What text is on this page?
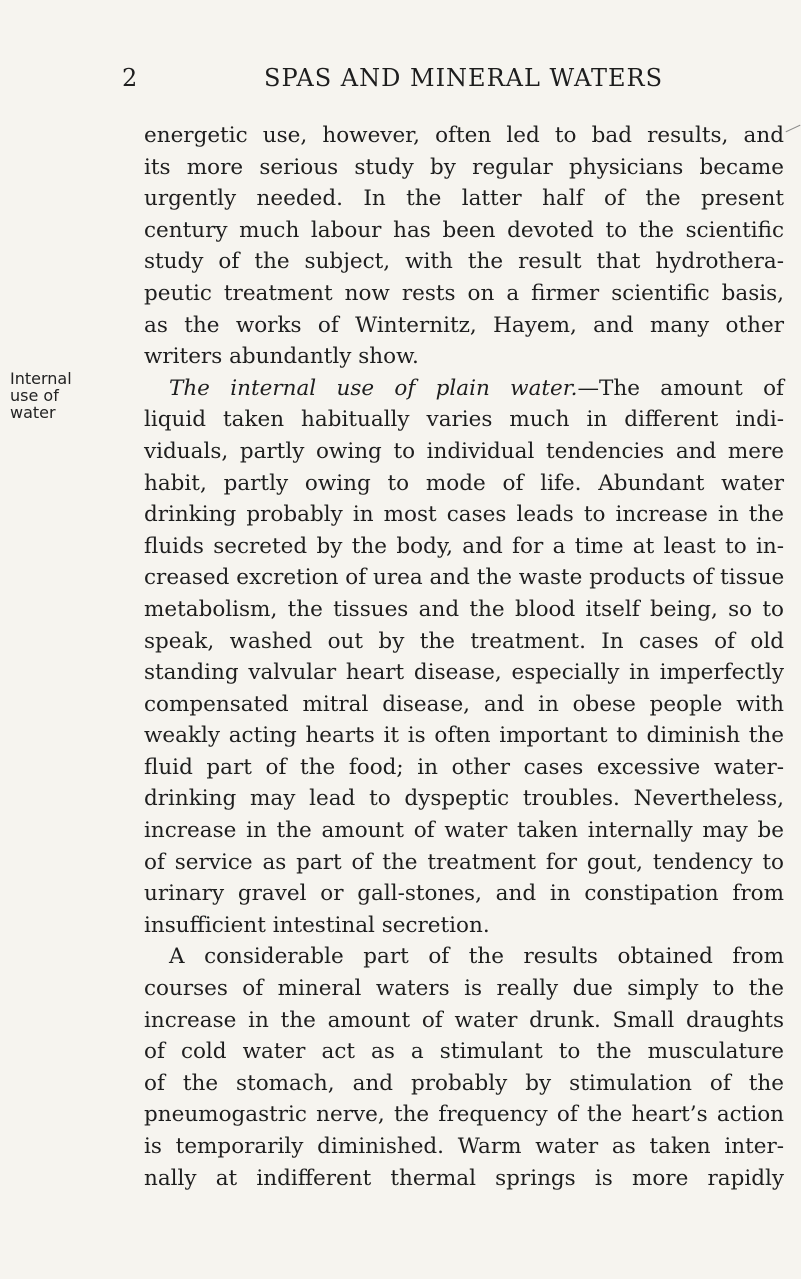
2	SPAS AND MINERAL WATERS
Internal
use of
water
energetic use, however, often led to bad results, and
its more serious study by regular physicians became
urgently needed. In the latter half of the present
century much labour has been devoted to the scientific
study of the subject, with the result that hydrothera-
peutic treatment now rests on a firmer scientific basis,
as the works of Winternitz, Hayem, and many other
writers abundantly show.
The internal use of plain water.—The amount of
liquid taken habitually varies much in different indi-
viduals, partly owing to individual tendencies and mere
habit, partly owing to mode of life. Abundant water
drinking probably in most cases leads to increase in the
fluids secreted by the body, and for a time at least to in-
creased excretion of urea and the waste products of tissue
metabolism, the tissues and the blood itself being, so to
speak, washed out by the treatment. In cases of old
standing valvular heart disease, especially in imperfectly
compensated mitral disease, and in obese people with
weakly acting hearts it is often important to diminish the
fluid part of the food; in other cases excessive water-
drinking may lead to dyspeptic troubles. Nevertheless,
increase in the amount of water taken internally may be
of service as part of the treatment for gout, tendency to
urinary gravel or gall-stones, and in constipation from
insufficient intestinal secretion.
A considerable part of the results obtained from
courses of mineral waters is really due simply to the
increase in the amount of water drunk. Small draughts
of cold water act as a stimulant to the musculature
of the stomach, and probably by stimulation of the
pneumogastric nerve, the frequency of the heart’s action
is temporarily diminished. Warm water as taken inter-
nally at indifferent thermal springs is more rapidly
